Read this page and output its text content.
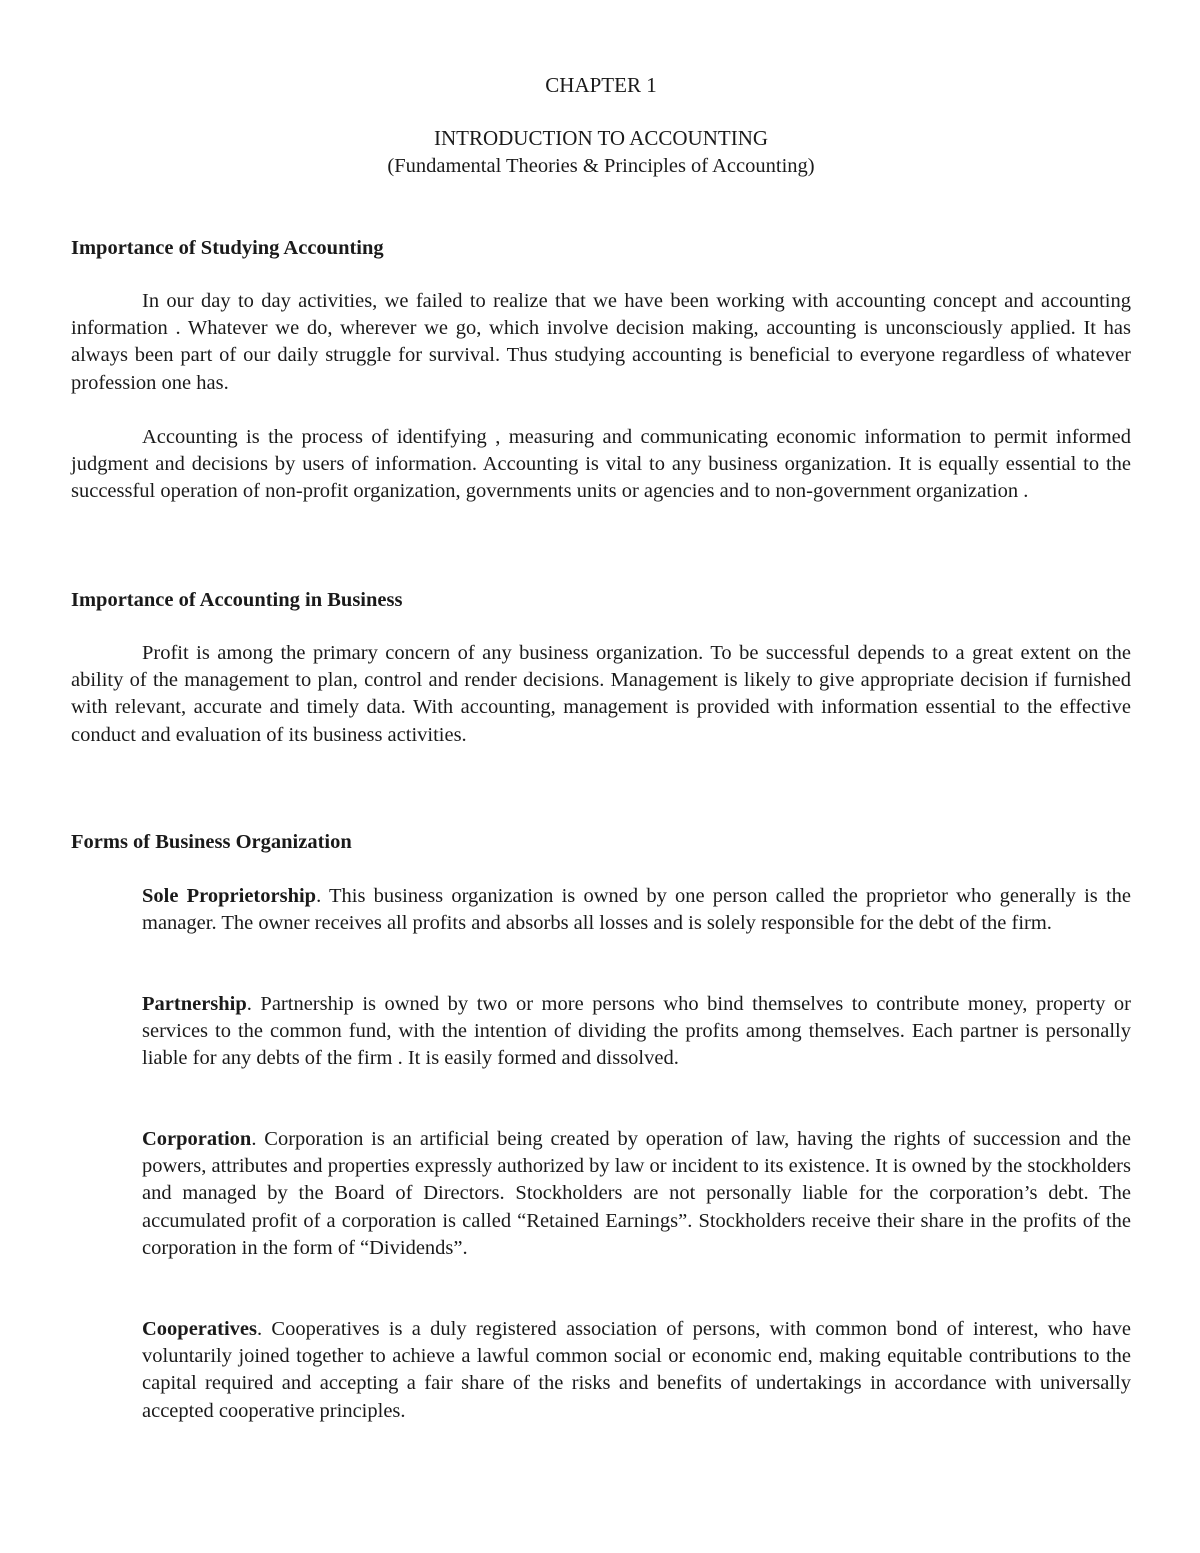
CHAPTER 1
INTRODUCTION TO ACCOUNTING
(Fundamental Theories & Principles of Accounting)
Importance of Studying Accounting

In our day to day activities, we failed to realize that we have been working with accounting concept and accounting information . Whatever we do, wherever we go, which involve decision making, accounting is unconsciously applied. It has always been part of our daily struggle for survival. Thus studying accounting is beneficial to everyone regardless of whatever profession one has.

Accounting is the process of identifying , measuring and communicating economic information to permit informed judgment and decisions by users of information. Accounting is vital to any business organization. It is equally essential to the successful operation of non-profit organization, governments units or agencies and to non-government organization .

Importance of Accounting in Business

Profit is among the primary concern of any business organization. To be successful depends to a great extent on the ability of the management to plan, control and render decisions. Management is likely to give appropriate decision if furnished with relevant, accurate and timely data. With accounting, management is provided with information essential to the effective conduct and evaluation of its business activities.

Forms of Business Organization

Sole Proprietorship. This business organization is owned by one person called the proprietor who generally is the manager. The owner receives all profits and absorbs all losses and is solely responsible for the debt of the firm.

Partnership. Partnership is owned by two or more persons who bind themselves to contribute money, property or services to the common fund, with the intention of dividing the profits among themselves. Each partner is personally liable for any debts of the firm . It is easily formed and dissolved.

Corporation. Corporation is an artificial being created by operation of law, having the rights of succession and the powers, attributes and properties expressly authorized by law or incident to its existence. It is owned by the stockholders and managed by the Board of Directors. Stockholders are not personally liable for the corporation’s debt. The accumulated profit of a corporation is called “Retained Earnings”. Stockholders receive their share in the profits of the corporation in the form of “Dividends”.

Cooperatives. Cooperatives is a duly registered association of persons, with common bond of interest, who have voluntarily joined together to achieve a lawful common social or economic end, making equitable contributions to the capital required and accepting a fair share of the risks and benefits of undertakings in accordance with universally accepted cooperative principles.
